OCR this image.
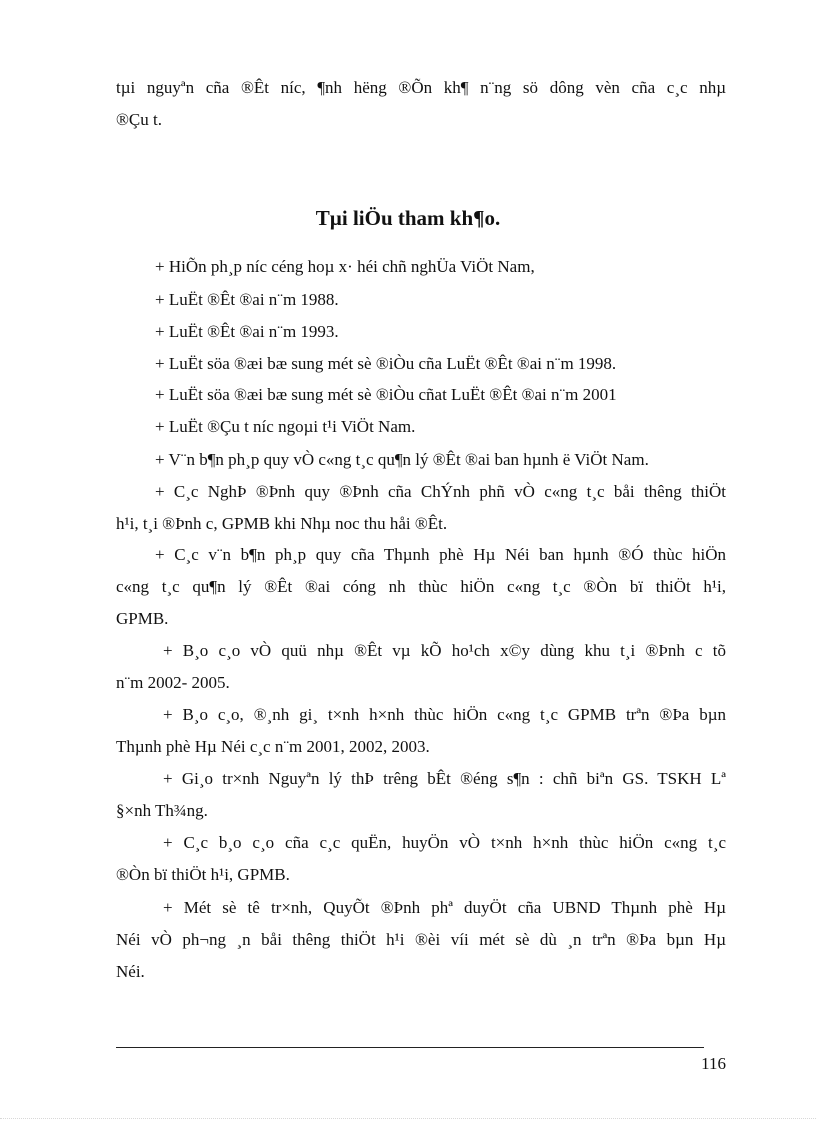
tµi nguyªn cña ®Êt níc, ¶nh hëng ®Õn kh¶ n¨ng sö dông vèn cña c¸c nhµ
®Çu t.
Tµi liÖu tham kh¶o.
+ HiÕn ph¸p níc céng hoµ x· héi chñ nghÜa ViÖt Nam,
+ LuËt ®Êt ®ai n¨m 1988.
+ LuËt ®Êt ®ai n¨m 1993.
+ LuËt söa ®æi bæ sung mét sè ®iÒu cña LuËt ®Êt ®ai n¨m 1998.
+ LuËt söa ®æi bæ sung mét sè ®iÒu cñat LuËt ®Êt ®ai n¨m 2001
+ LuËt ®Çu t níc ngoµi t¹i ViÖt Nam.
+ V¨n b¶n ph¸p quy vÒ c«ng t¸c qu¶n lý ®Êt ®ai ban hµnh ë ViÖt Nam.
+ C¸c NghÞ ®Þnh quy ®Þnh cña ChÝnh phñ vÒ c«ng t¸c båi thêng thiÖt
h¹i, t¸i ®Þnh c, GPMB khi Nhµ noc thu håi ®Êt.
+ C¸c v¨n b¶n ph¸p quy cña Thµnh phè Hµ Néi ban hµnh ®Ó thùc hiÖn
c«ng t¸c qu¶n lý ®Êt ®ai cóng nh thùc hiÖn c«ng t¸c ®Òn bï thiÖt h¹i,
GPMB.
+ B¸o c¸o vÒ quü nhµ ®Êt vµ kÕ ho¹ch x©y dùng khu t¸i ®Þnh c tõ
n¨m 2002- 2005.
+ B¸o c¸o, ®¸nh gi¸ t×nh h×nh thùc hiÖn c«ng t¸c GPMB trªn ®Þa bµn
Thµnh phè Hµ Néi c¸c n¨m 2001, 2002, 2003.
+ Gi¸o tr×nh Nguyªn lý thÞ trêng bÊt ®éng s¶n : chñ biªn GS. TSKH Lª
§×nh Th¾ng.
+ C¸c b¸o c¸o cña c¸c quËn, huyÖn vÒ t×nh h×nh thùc hiÖn c«ng t¸c
®Òn bï thiÖt h¹i, GPMB.
+ Mét sè tê tr×nh, QuyÕt ®Þnh phª duyÖt cña UBND Thµnh phè Hµ
Néi vÒ ph¬ng ¸n båi thêng thiÖt h¹i ®èi víi mét sè dù ¸n trªn ®Þa bµn Hµ
Néi.
116
